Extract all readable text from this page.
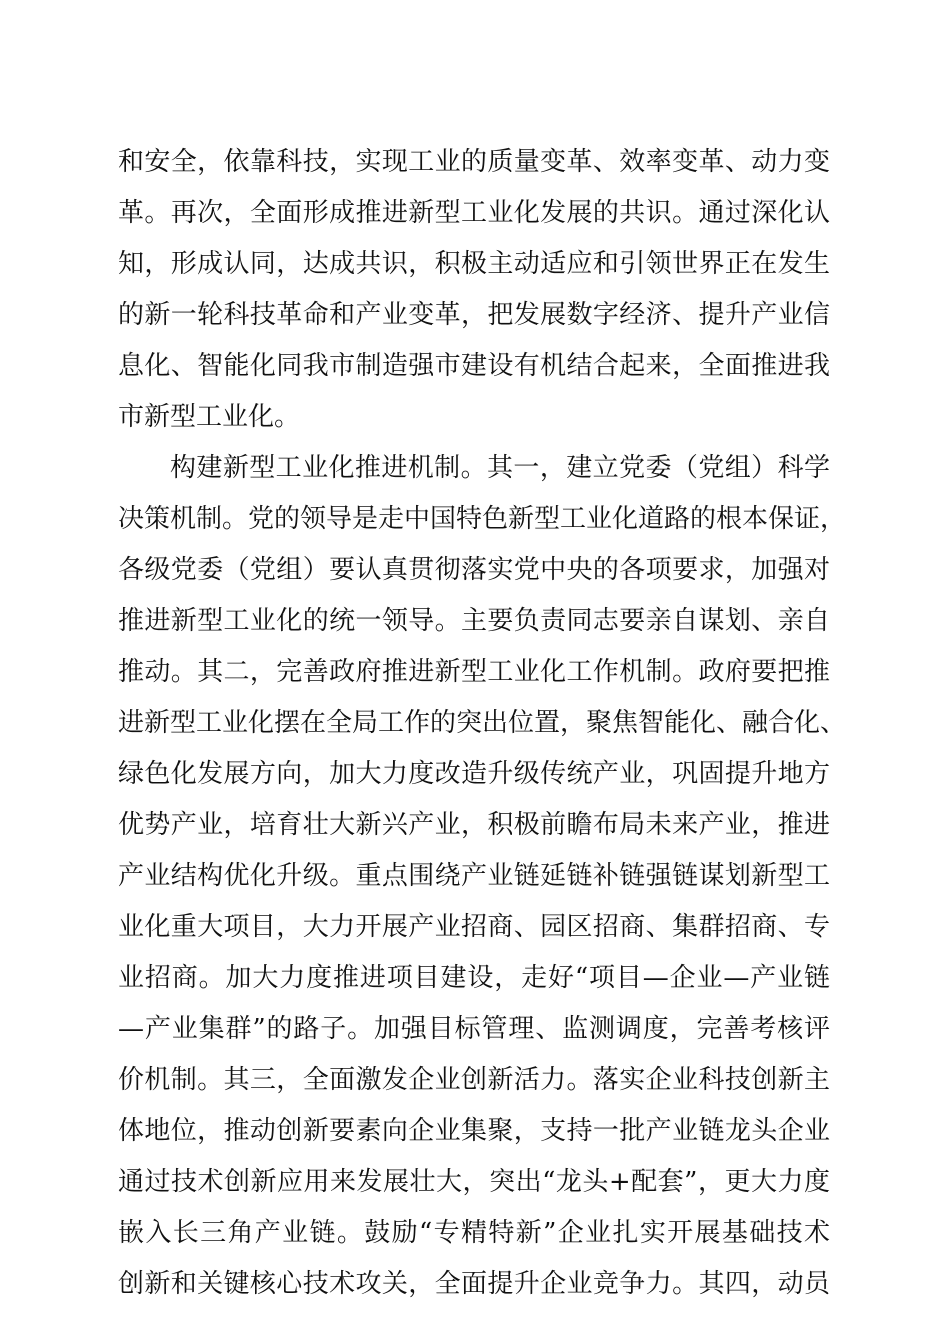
和安全，依靠科技，实现工业的质量变革、效率变革、动力变
革。再次，全面形成推进新型工业化发展的共识。通过深化认
知，形成认同，达成共识，积极主动适应和引领世界正在发生
的新一轮科技革命和产业变革，把发展数字经济、提升产业信
息化、智能化同我市制造强市建设有机结合起来，全面推进我
市新型工业化。
构建新型工业化推进机制。其一，建立党委（党组）科学
决策机制。党的领导是走中国特色新型工业化道路的根本保证，
各级党委（党组）要认真贯彻落实党中央的各项要求，加强对
推进新型工业化的统一领导。主要负责同志要亲自谋划、亲自
推动。其二，完善政府推进新型工业化工作机制。政府要把推
进新型工业化摆在全局工作的突出位置，聚焦智能化、融合化、
绿色化发展方向，加大力度改造升级传统产业，巩固提升地方
优势产业，培育壮大新兴产业，积极前瞻布局未来产业，推进
产业结构优化升级。重点围绕产业链延链补链强链谋划新型工
业化重大项目，大力开展产业招商、园区招商、集群招商、专
业招商。加大力度推进项目建设，走好“项目—企业—产业链
—产业集群”的路子。加强目标管理、监测调度，完善考核评
价机制。其三，全面激发企业创新活力。落实企业科技创新主
体地位，推动创新要素向企业集聚，支持一批产业链龙头企业
通过技术创新应用来发展壮大，突出“龙头+配套”，更大力度
嵌入长三角产业链。鼓励“专精特新”企业扎实开展基础技术
创新和关键核心技术攻关，全面提升企业竞争力。其四，动员
